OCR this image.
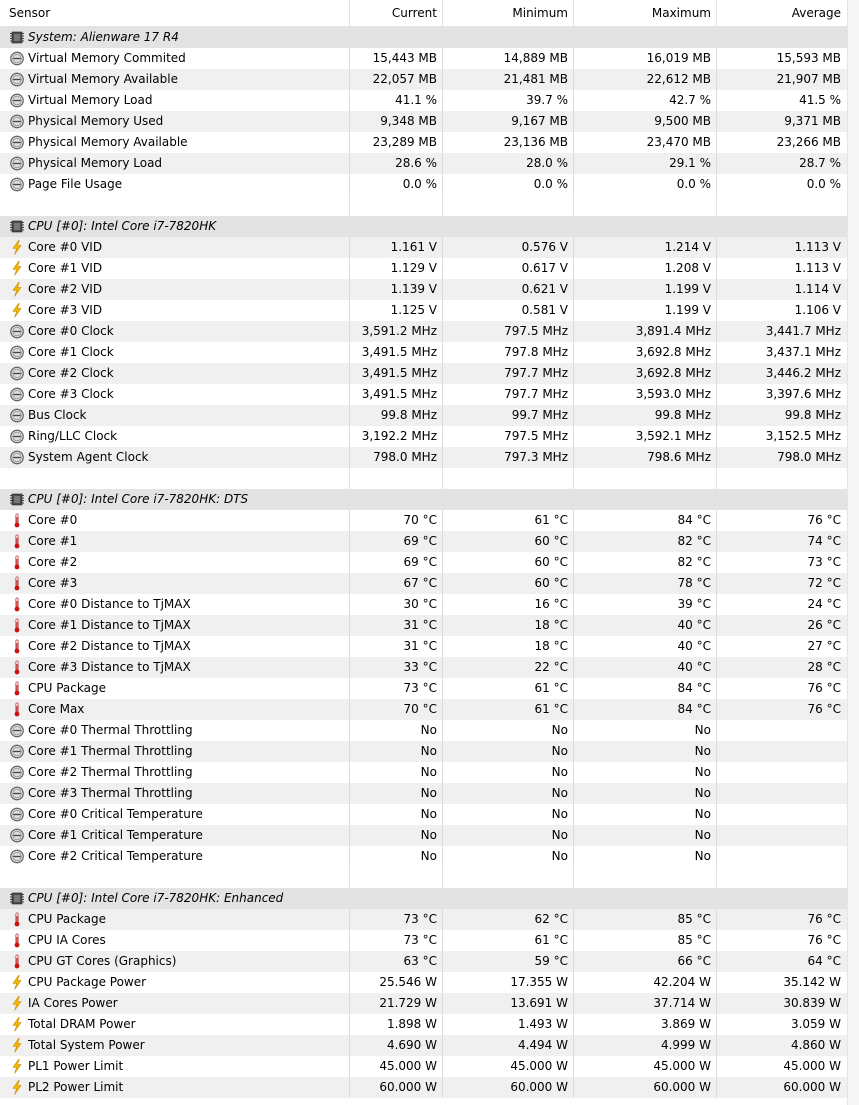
Sensor	Current	Minimum	Maximum	Average
System: Alienware 17 R4
Virtual Memory Commited	15,443 MB	14,889 MB	16,019 MB	15,593 MB
Virtual Memory Available	22,057 MB	21,481 MB	22,612 MB	21,907 MB
Virtual Memory Load	41.1 %	39.7 %	42.7 %	41.5 %
Physical Memory Used	9,348 MB	9,167 MB	9,500 MB	9,371 MB
Physical Memory Available	23,289 MB	23,136 MB	23,470 MB	23,266 MB
Physical Memory Load	28.6 %	28.0 %	29.1 %	28.7 %
Page File Usage	0.0 %	0.0 %	0.0 %	0.0 %
CPU [#0]: Intel Core i7-7820HK
Core #0 VID	1.161 V	0.576 V	1.214 V	1.113 V
Core #1 VID	1.129 V	0.617 V	1.208 V	1.113 V
Core #2 VID	1.139 V	0.621 V	1.199 V	1.114 V
Core #3 VID	1.125 V	0.581 V	1.199 V	1.106 V
Core #0 Clock	3,591.2 MHz	797.5 MHz	3,891.4 MHz	3,441.7 MHz
Core #1 Clock	3,491.5 MHz	797.8 MHz	3,692.8 MHz	3,437.1 MHz
Core #2 Clock	3,491.5 MHz	797.7 MHz	3,692.8 MHz	3,446.2 MHz
Core #3 Clock	3,491.5 MHz	797.7 MHz	3,593.0 MHz	3,397.6 MHz
Bus Clock	99.8 MHz	99.7 MHz	99.8 MHz	99.8 MHz
Ring/LLC Clock	3,192.2 MHz	797.5 MHz	3,592.1 MHz	3,152.5 MHz
System Agent Clock	798.0 MHz	797.3 MHz	798.6 MHz	798.0 MHz
CPU [#0]: Intel Core i7-7820HK: DTS
Core #0	70 °C	61 °C	84 °C	76 °C
Core #1	69 °C	60 °C	82 °C	74 °C
Core #2	69 °C	60 °C	82 °C	73 °C
Core #3	67 °C	60 °C	78 °C	72 °C
Core #0 Distance to TjMAX	30 °C	16 °C	39 °C	24 °C
Core #1 Distance to TjMAX	31 °C	18 °C	40 °C	26 °C
Core #2 Distance to TjMAX	31 °C	18 °C	40 °C	27 °C
Core #3 Distance to TjMAX	33 °C	22 °C	40 °C	28 °C
CPU Package	73 °C	61 °C	84 °C	76 °C
Core Max	70 °C	61 °C	84 °C	76 °C
Core #0 Thermal Throttling	No	No	No
Core #1 Thermal Throttling	No	No	No
Core #2 Thermal Throttling	No	No	No
Core #3 Thermal Throttling	No	No	No
Core #0 Critical Temperature	No	No	No
Core #1 Critical Temperature	No	No	No
Core #2 Critical Temperature	No	No	No
CPU [#0]: Intel Core i7-7820HK: Enhanced
CPU Package	73 °C	62 °C	85 °C	76 °C
CPU IA Cores	73 °C	61 °C	85 °C	76 °C
CPU GT Cores (Graphics)	63 °C	59 °C	66 °C	64 °C
CPU Package Power	25.546 W	17.355 W	42.204 W	35.142 W
IA Cores Power	21.729 W	13.691 W	37.714 W	30.839 W
Total DRAM Power	1.898 W	1.493 W	3.869 W	3.059 W
Total System Power	4.690 W	4.494 W	4.999 W	4.860 W
PL1 Power Limit	45.000 W	45.000 W	45.000 W	45.000 W
PL2 Power Limit	60.000 W	60.000 W	60.000 W	60.000 W
